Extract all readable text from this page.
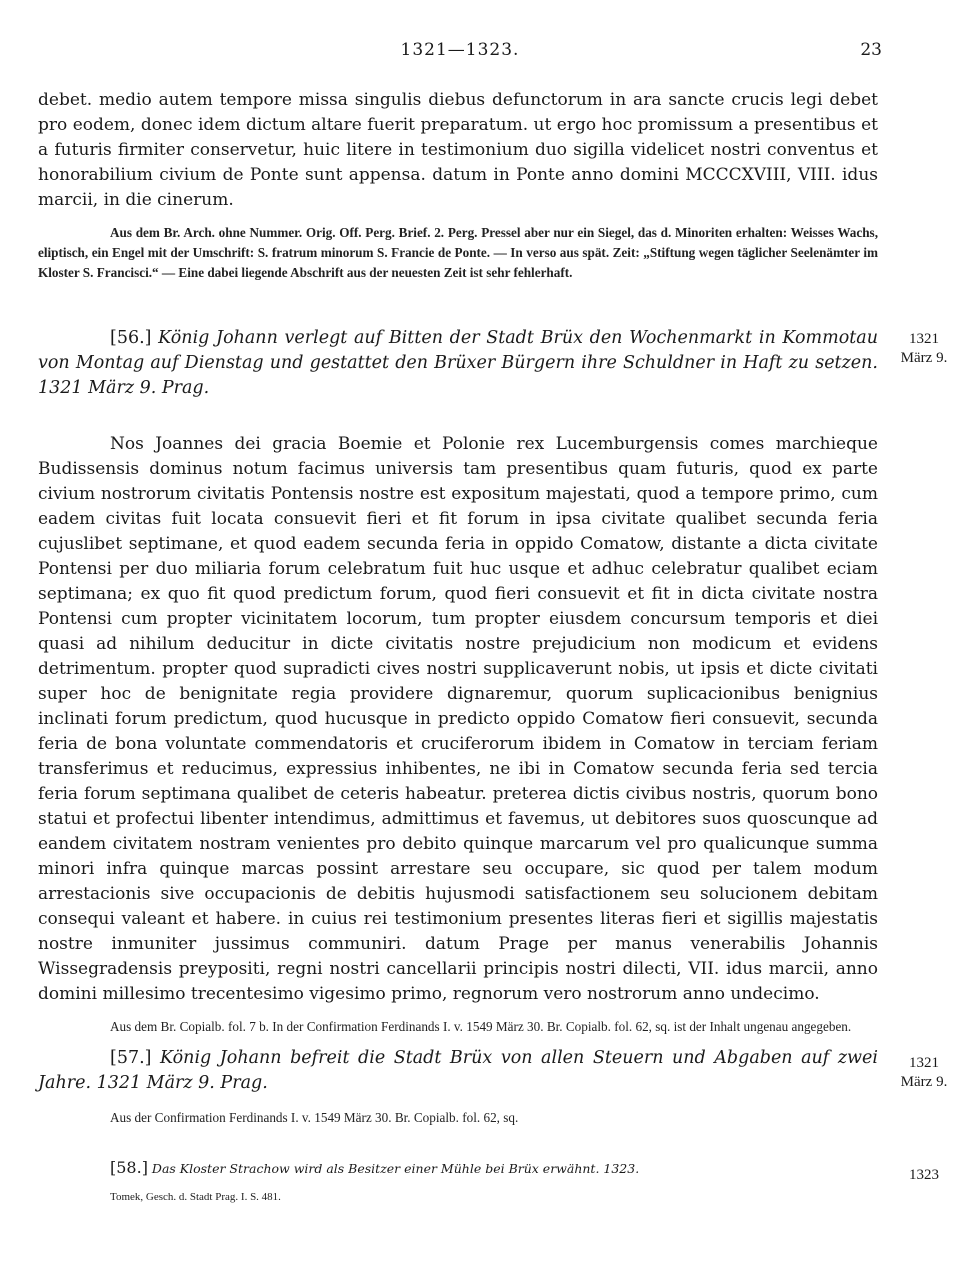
1321—1323.	23

debet. medio autem tempore missa singulis diebus defunctorum in ara sancte crucis legi debet pro eodem, donec idem dictum altare fuerit preparatum. ut ergo hoc promissum a presentibus et a futuris firmiter conservetur, huic litere in testimonium duo sigilla videlicet nostri conventus et honorabilium civium de Ponte sunt appensa. datum in Ponte anno domini MCCCXVIII, VIII. idus marcii, in die cinerum.

Aus dem Br. Arch. ohne Nummer. Orig. Off. Perg. Brief. 2. Perg. Pressel aber nur ein Siegel, das d. Minoriten erhalten: Weisses Wachs, eliptisch, ein Engel mit der Umschrift: S. fratrum minorum S. Francie de Ponte. — In verso aus spät. Zeit: „Stiftung wegen täglicher Seelenämter im Kloster S. Francisci.“ — Eine dabei liegende Abschrift aus der neuesten Zeit ist sehr fehlerhaft.

[56.] König Johann verlegt auf Bitten der Stadt Brüx den Wochenmarkt in Kommotau von Montag auf Dienstag und gestattet den Brüxer Bürgern ihre Schuldner in Haft zu setzen. 1321 März 9. Prag.

1321
März 9.

Nos Joannes dei gracia Boemie et Polonie rex Lucemburgensis comes marchieque Budissensis dominus notum facimus universis tam presentibus quam futuris, quod ex parte civium nostrorum civitatis Pontensis nostre est expositum majestati, quod a tempore primo, cum eadem civitas fuit locata consuevit fieri et fit forum in ipsa civitate qualibet secunda feria cujuslibet septimane, et quod eadem secunda feria in oppido Comatow, distante a dicta civitate Pontensi per duo miliaria forum celebratum fuit huc usque et adhuc celebratur qualibet eciam septimana; ex quo fit quod predictum forum, quod fieri consuevit et fit in dicta civitate nostra Pontensi cum propter vicinitatem locorum, tum propter eiusdem concursum temporis et diei quasi ad nihilum deducitur in dicte civitatis nostre prejudicium non modicum et evidens detrimentum. propter quod supradicti cives nostri supplicaverunt nobis, ut ipsis et dicte civitati super hoc de benignitate regia providere dignaremur, quorum suplicacionibus benignius inclinati forum predictum, quod hucusque in predicto oppido Comatow fieri consuevit, secunda feria de bona voluntate commendatoris et cruciferorum ibidem in Comatow in terciam feriam transferimus et reducimus, expressius inhibentes, ne ibi in Comatow secunda feria sed tercia feria forum septimana qualibet de ceteris habeatur. preterea dictis civibus nostris, quorum bono statui et profectui libenter intendimus, admittimus et favemus, ut debitores suos quoscunque ad eandem civitatem nostram venientes pro debito quinque marcarum vel pro qualicunque summa minori infra quinque marcas possint arrestare seu occupare, sic quod per talem modum arrestacionis sive occupacionis de debitis hujusmodi satisfactionem seu solucionem debitam consequi valeant et habere. in cuius rei testimonium presentes literas fieri et sigillis majestatis nostre inmuniter jussimus communiri. datum Prage per manus venerabilis Johannis Wissegradensis preypositi, regni nostri cancellarii principis nostri dilecti, VII. idus marcii, anno domini millesimo trecentesimo vigesimo primo, regnorum vero nostrorum anno undecimo.

Aus dem Br. Copialb. fol. 7 b. In der Confirmation Ferdinands I. v. 1549 März 30. Br. Copialb. fol. 62, sq. ist der Inhalt ungenau angegeben.

[57.] König Johann befreit die Stadt Brüx von allen Steuern und Abgaben auf zwei Jahre. 1321 März 9. Prag.

Aus der Confirmation Ferdinands I. v. 1549 März 30. Br. Copialb. fol. 62, sq.

1321
März 9.

[58.] Das Kloster Strachow wird als Besitzer einer Mühle bei Brüx erwähnt. 1323.

Tomek, Gesch. d. Stadt Prag. I. S. 481.

1323
